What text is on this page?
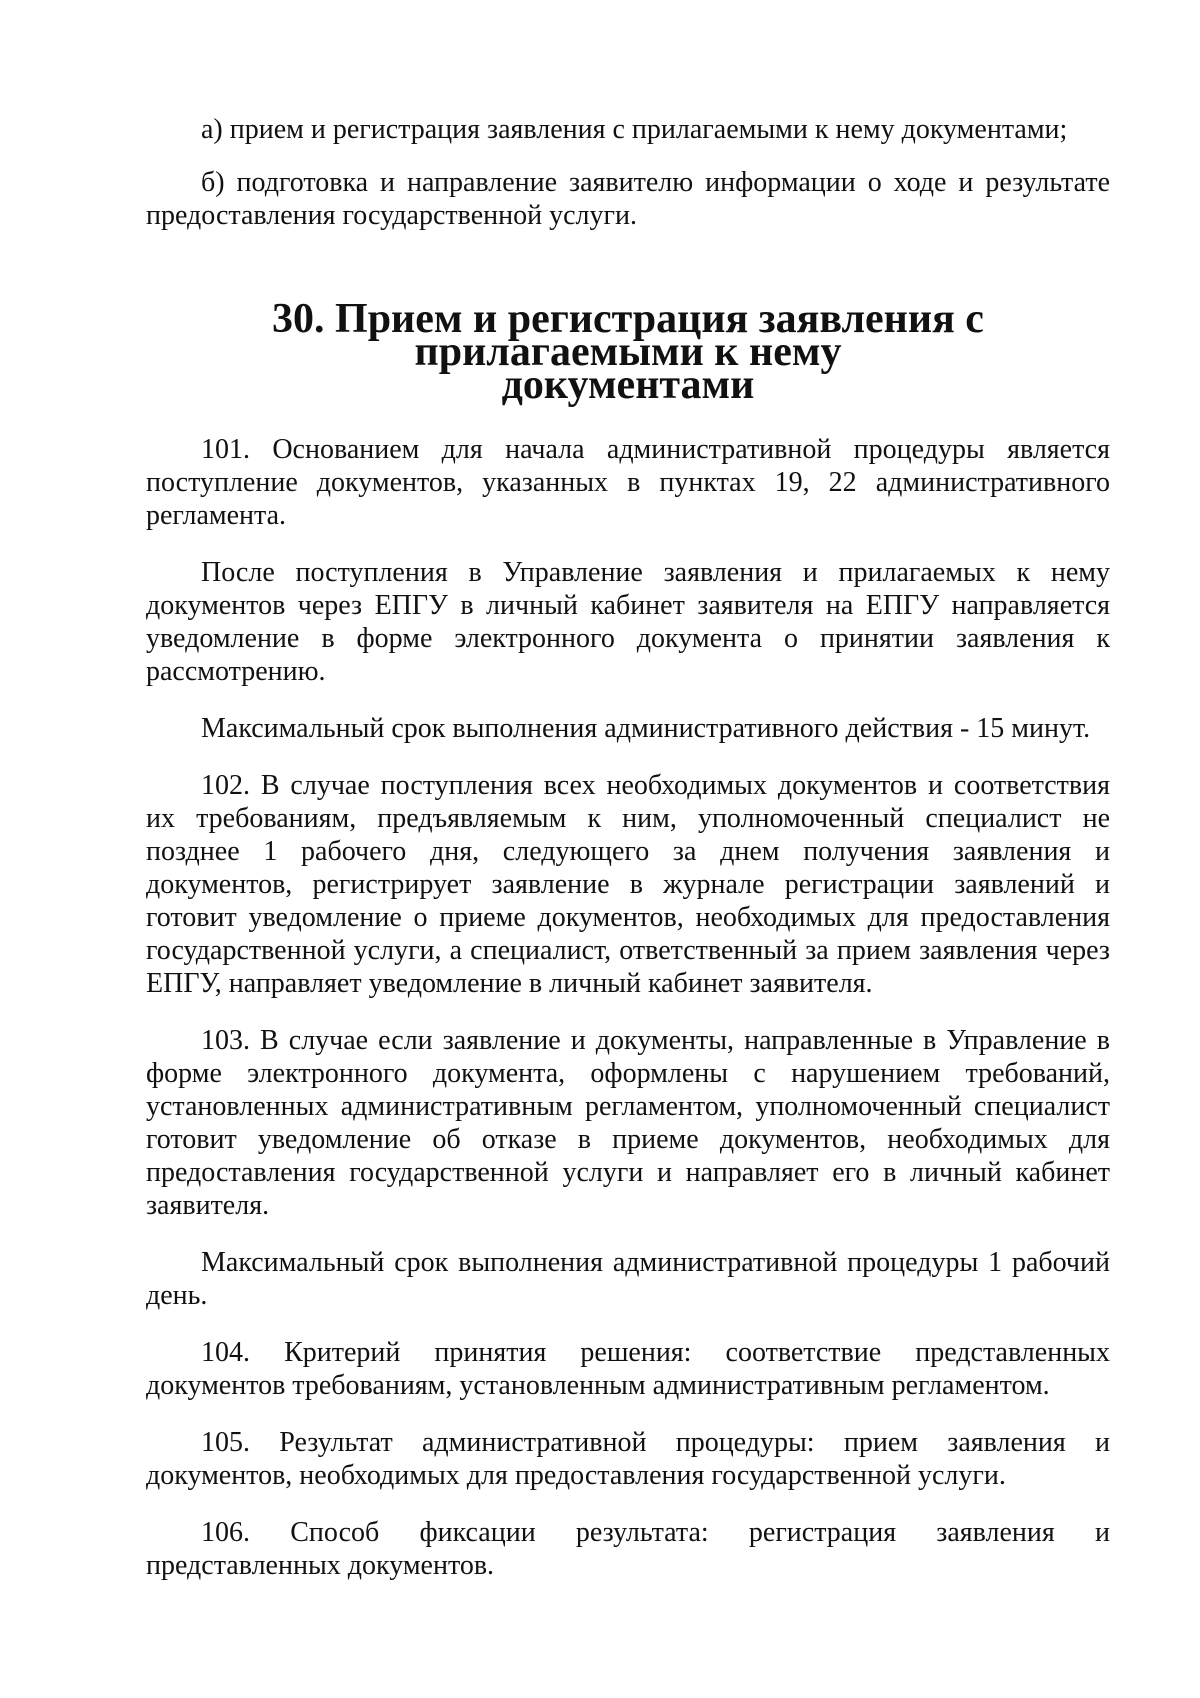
а) прием и регистрация заявления с прилагаемыми к нему документами;

б) подготовка и направление заявителю информации о ходе и результате предоставления государственной услуги.

30. Прием и регистрация заявления с прилагаемыми к нему
документами

101. Основанием для начала административной процедуры является поступление документов, указанных в пунктах 19, 22 административного регламента.

После поступления в Управление заявления и прилагаемых к нему документов через ЕПГУ в личный кабинет заявителя на ЕПГУ направляется уведомление в форме электронного документа о принятии заявления к рассмотрению.

Максимальный срок выполнения административного действия - 15 минут.

102. В случае поступления всех необходимых документов и соответствия их требованиям, предъявляемым к ним, уполномоченный специалист не позднее 1 рабочего дня, следующего за днем получения заявления и документов, регистрирует заявление в журнале регистрации заявлений и готовит уведомление о приеме документов, необходимых для предоставления государственной услуги, а специалист, ответственный за прием заявления через ЕПГУ, направляет уведомление в личный кабинет заявителя.

103. В случае если заявление и документы, направленные в Управление в форме электронного документа, оформлены с нарушением требований, установленных административным регламентом, уполномоченный специалист готовит уведомление об отказе в приеме документов, необходимых для предоставления государственной услуги и направляет его в личный кабинет заявителя.

Максимальный срок выполнения административной процедуры 1 рабочий день.

104. Критерий принятия решения: соответствие представленных документов требованиям, установленным административным регламентом.

105. Результат административной процедуры: прием заявления и документов, необходимых для предоставления государственной услуги.

106. Способ фиксации результата: регистрация заявления и представленных документов.
